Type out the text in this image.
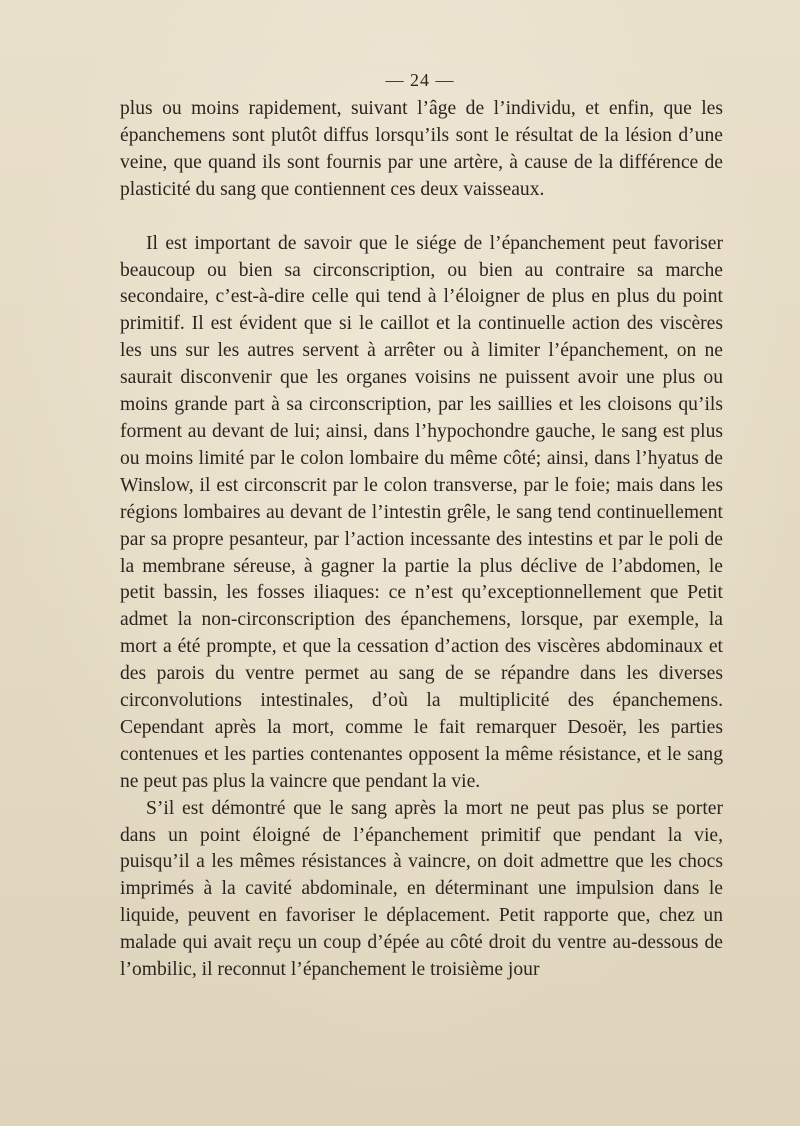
— 24 —

plus ou moins rapidement, suivant l’âge de l’individu, et enfin, que les épanchemens sont plutôt diffus lorsqu’ils sont le résultat de la lésion d’une veine, que quand ils sont fournis par une artère, à cause de la différence de plasticité du sang que contiennent ces deux vaisseaux.

Il est important de savoir que le siége de l’épanchement peut favoriser beaucoup ou bien sa circonscription, ou bien au contraire sa marche secondaire, c’est-à-dire celle qui tend à l’éloigner de plus en plus du point primitif. Il est évident que si le caillot et la continuelle action des viscères les uns sur les autres servent à arrêter ou à limiter l’épanchement, on ne saurait disconvenir que les organes voisins ne puissent avoir une plus ou moins grande part à sa circonscription, par les saillies et les cloisons qu’ils forment au devant de lui; ainsi, dans l’hypochondre gauche, le sang est plus ou moins limité par le colon lombaire du même côté; ainsi, dans l’hyatus de Winslow, il est circonscrit par le colon transverse, par le foie; mais dans les régions lombaires au devant de l’intestin grêle, le sang tend continuellement par sa propre pesanteur, par l’action incessante des intestins et par le poli de la membrane séreuse, à gagner la partie la plus déclive de l’abdomen, le petit bassin, les fosses iliaques: ce n’est qu’exceptionnellement que Petit admet la non-circonscription des épanchemens, lorsque, par exemple, la mort a été prompte, et que la cessation d’action des viscères abdominaux et des parois du ventre permet au sang de se répandre dans les diverses circonvolutions intestinales, d’où la multiplicité des épanchemens. Cependant après la mort, comme le fait remarquer Desoër, les parties contenues et les parties contenantes opposent la même résistance, et le sang ne peut pas plus la vaincre que pendant la vie.

S’il est démontré que le sang après la mort ne peut pas plus se porter dans un point éloigné de l’épanchement primitif que pendant la vie, puisqu’il a les mêmes résistances à vaincre, on doit admettre que les chocs imprimés à la cavité abdominale, en déterminant une impulsion dans le liquide, peuvent en favoriser le déplacement. Petit rapporte que, chez un malade qui avait reçu un coup d’épée au côté droit du ventre au-dessous de l’ombilic, il reconnut l’épanchement le troisième jour
